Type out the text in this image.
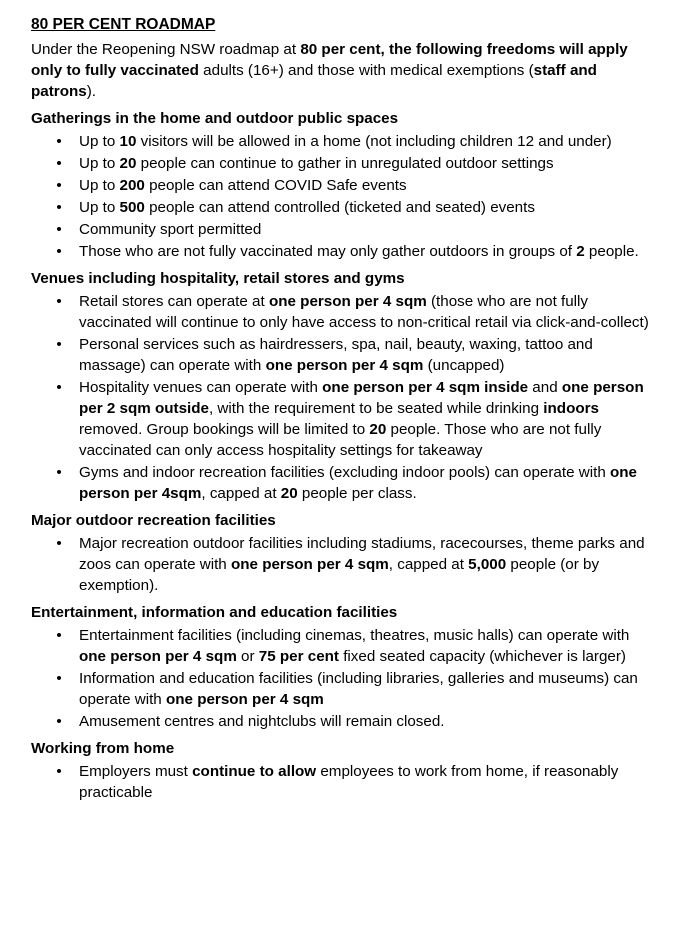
80 PER CENT ROADMAP
Under the Reopening NSW roadmap at 80 per cent, the following freedoms will apply only to fully vaccinated adults (16+) and those with medical exemptions (staff and patrons).
Gatherings in the home and outdoor public spaces
• Up to 10 visitors will be allowed in a home (not including children 12 and under)
• Up to 20 people can continue to gather in unregulated outdoor settings
• Up to 200 people can attend COVID Safe events
• Up to 500 people can attend controlled (ticketed and seated) events
• Community sport permitted
• Those who are not fully vaccinated may only gather outdoors in groups of 2 people.
Venues including hospitality, retail stores and gyms
• Retail stores can operate at one person per 4 sqm (those who are not fully vaccinated will continue to only have access to non-critical retail via click-and-collect)
• Personal services such as hairdressers, spa, nail, beauty, waxing, tattoo and massage) can operate with one person per 4 sqm (uncapped)
• Hospitality venues can operate with one person per 4 sqm inside and one person per 2 sqm outside, with the requirement to be seated while drinking indoors removed. Group bookings will be limited to 20 people. Those who are not fully vaccinated can only access hospitality settings for takeaway
• Gyms and indoor recreation facilities (excluding indoor pools) can operate with one person per 4sqm, capped at 20 people per class.
Major outdoor recreation facilities
• Major recreation outdoor facilities including stadiums, racecourses, theme parks and zoos can operate with one person per 4 sqm, capped at 5,000 people (or by exemption).
Entertainment, information and education facilities
• Entertainment facilities (including cinemas, theatres, music halls) can operate with one person per 4 sqm or 75 per cent fixed seated capacity (whichever is larger)
• Information and education facilities (including libraries, galleries and museums) can operate with one person per 4 sqm
• Amusement centres and nightclubs will remain closed.
Working from home
• Employers must continue to allow employees to work from home, if reasonably practicable
